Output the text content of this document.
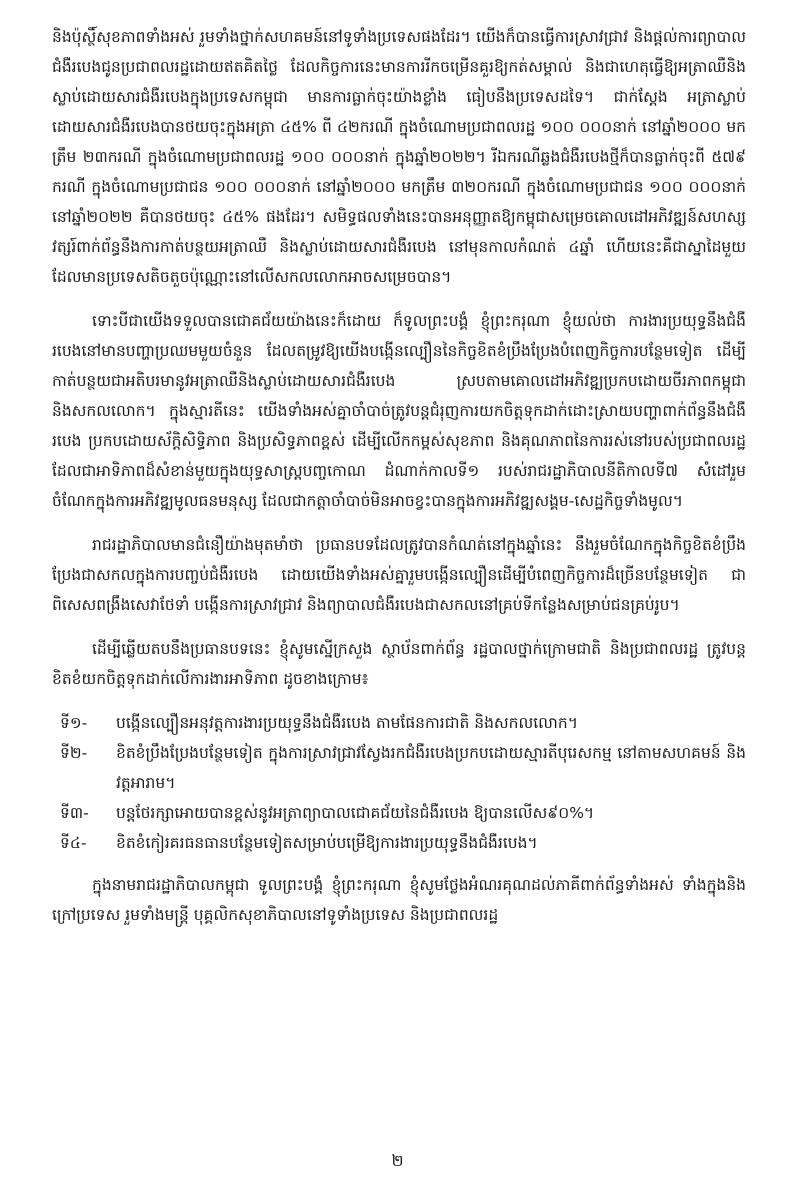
និងប៉ុស្ថិ៍សុខភាពទាំងអស់ រួមទាំងថ្នាក់សហគមន៍នៅទូទាំងប្រទេសផងដែរ។ យើងក៏បានធ្វើការស្រាវជ្រាវ និងផ្តល់ការព្យាបាលជំងឺរបេងជូនប្រជាពលរដ្ឋដោយឥតគិតថ្លៃ ដែលកិច្ចការនេះមានការរីកចម្រើនគួរឱ្យកត់សម្គាល់ និងជាហេតុធ្វើឱ្យអត្រាឈឺនិងស្លាប់ដោយសារជំងឺរបេងក្នុងប្រទេសកម្ពុជា មានការធ្លាក់ចុះយ៉ាងខ្លាំង ធៀបនឹងប្រទេសដទៃ។ ជាក់ស្តែង អត្រាស្លាប់ដោយសារជំងឺរបេងបានថយចុះក្នុងអត្រា ៤៥% ពី ៤២ករណី ក្នុងចំណោមប្រជាពលរដ្ឋ ១០០ ០០០នាក់ នៅឆ្នាំ២០០០ មកត្រឹម ២៣ករណី ក្នុងចំណោមប្រជាពលរដ្ឋ ១០០ ០០០នាក់ ក្នុងឆ្នាំ២០២២។ រីឯករណីឆ្លងជំងឺរបេងថ្មីក៏បានធ្លាក់ចុះពី ៥៧៩ ករណី ក្នុងចំណោមប្រជាជន ១០០ ០០០នាក់ នៅឆ្នាំ២០០០ មកត្រឹម ៣២០ករណី ក្នុងចំណោមប្រជាជន ១០០ ០០០នាក់ នៅឆ្នាំ២០២២ គឺបានថយចុះ ៤៥% ផងដែរ។ សមិទ្ធផលទាំងនេះបានអនុញ្ញាតឱ្យកម្ពុជាសម្រេចគោលដៅអភិវឌ្ឍន៍សហស្សវត្សរ៍ពាក់ព័ន្ធនឹងការកាត់បន្ថយអត្រាឈឺ និងស្លាប់ដោយសារជំងឺរបេង នៅមុនកាលកំណត់ ៤ឆ្នាំ ហើយនេះគឺជាស្នាដៃមួយដែលមានប្រទេសតិចតួចប៉ុណ្ណោះនៅលើសកលលោកអាចសម្រេចបាន។

ទោះបីជាយើងទទួលបានជោគជ័យយ៉ាងនេះក៏ដោយ ក៏ទូលព្រះបង្គំ ខ្ញុំព្រះករុណា ខ្ញុំយល់ថា ការងារប្រយុទ្ធនឹងជំងឺរបេងនៅមានបញ្ហាប្រឈមមួយចំនួន ដែលតម្រូវឱ្យយើងបង្កើនល្បឿននៃកិច្ចខិតខំប្រឹងប្រែងបំពេញកិច្ចការបន្ថែមទៀត ដើម្បីកាត់បន្ថយជាអតិបរមានូវអត្រាឈឺនិងស្លាប់ដោយសារជំងឺរបេង ស្របតាមគោលដៅអភិវឌ្ឍប្រកបដោយចីរភាពកម្ពុជា និងសកលលោក។ ក្នុងស្មារតីនេះ យើងទាំងអស់គ្នាចាំបាច់ត្រូវបន្តជំរុញការយកចិត្តទុកដាក់ដោះស្រាយបញ្ហាពាក់ព័ន្ធនឹងជំងឺរបេង ប្រកបដោយស័ក្តិសិទ្ធិភាព និងប្រសិទ្ធភាពខ្ពស់ ដើម្បីលើកកម្ពស់សុខភាព និងគុណភាពនៃការរស់នៅរបស់ប្រជាពលរដ្ឋ ដែលជាអាទិភាពដ៏សំខាន់មួយក្នុងយុទ្ធសាស្ត្របញ្ចកោណ ដំណាក់កាលទី១ របស់រាជរដ្ឋាភិបាលនីតិកាលទី៧ សំដៅរួមចំណែកក្នុងការអភិវឌ្ឍមូលធនមនុស្ស ដែលជាកត្តាចាំបាច់មិនអាចខ្វះបានក្នុងការអភិវឌ្ឍសង្គម-សេដ្ឋកិច្ចទាំងមូល។

រាជរដ្ឋាភិបាលមានជំនឿយ៉ាងមុតមាំថា ប្រធានបទដែលត្រូវបានកំណត់នៅក្នុងឆ្នាំនេះ នឹងរួមចំណែកក្នុងកិច្ចខិតខំប្រឹងប្រែងជាសកលក្នុងការបញ្ចប់ជំងឺរបេង ដោយយើងទាំងអស់គ្នារួមបង្កើនល្បឿនដើម្បីបំពេញកិច្ចការដ៏ច្រើនបន្ថែមទៀត ជាពិសេសពង្រឹងសេវាថែទាំ បង្កើនការស្រាវជ្រាវ និងព្យាបាលជំងឺរបេងជាសកលនៅគ្រប់ទីកន្លែងសម្រាប់ជនគ្រប់រូប។

ដើម្បីឆ្លើយតបនឹងប្រធានបទនេះ ខ្ញុំសូមស្នើក្រសួង ស្ថាប័នពាក់ព័ន្ធ រដ្ឋបាលថ្នាក់ក្រោមជាតិ និងប្រជាពលរដ្ឋ ត្រូវបន្តខិតខំយកចិត្តទុកដាក់លើការងារអាទិភាព ដូចខាងក្រោម៖

ទី១-	បង្កើនល្បឿនអនុវត្តការងារប្រយុទ្ធនឹងជំងឺរបេង តាមផែនការជាតិ និងសកលលោក។
ទី២-	ខិតខំប្រឹងប្រែងបន្ថែមទៀត ក្នុងការស្រាវជ្រាវស្វែងរកជំងឺរបេងប្រកបដោយស្មារតីបុរេសកម្ម នៅតាមសហគមន៍ និងវត្តអារាម។
ទី៣-	បន្តថែរក្សាអោយបានខ្ពស់នូវអត្រាព្យាបាលជោគជ័យនៃជំងឺរបេង ឱ្យបានលើស៩០%។
ទី៤-	ខិតខំកៀរគរធនធានបន្ថែមទៀតសម្រាប់បម្រើឱ្យការងារប្រយុទ្ធនឹងជំងឺរបេង។

ក្នុងនាមរាជរដ្ឋាភិបាលកម្ពុជា ទូលព្រះបង្គំ ខ្ញុំព្រះករុណា ខ្ញុំសូមថ្លែងអំណរគុណដល់ភាគីពាក់ព័ន្ធទាំងអស់ ទាំងក្នុងនិងក្រៅប្រទេស រួមទាំងមន្ត្រី បុគ្គលិកសុខាភិបាលនៅទូទាំងប្រទេស និងប្រជាពលរដ្ឋ

២
